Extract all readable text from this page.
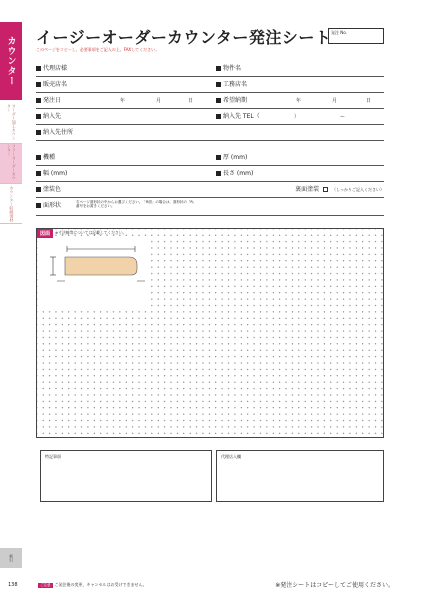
カウンター
オーダー加工カウンター
フリーオーダーカウンター
カウンター収納部材
索引
イージーオーダーカウンター発注シート 発注 No.
このページをコピーし、必要事項をご記入の上、FAXしてください。
代理店様	物件名
販売店名	工務店名
発注日	年	月	日	希望納期	年	月	日
納入先	納入先 TEL（	）	ー
納入先住所
機種	厚 (mm)
幅 (mm)	長さ (mm)
塗装色	裏面塗装	（しっかりご記入ください）
面形状	右ページ面形状の中からお選びください。「R面」の場合は、面形状の「R」番号をお書きください。
図面	※寸法線等については記載してください。
特記事項	代理店入欄
138	ご注意 ご発注後の変更、キャンセルはお受けできません。	※発注シートはコピーしてご使用ください。
